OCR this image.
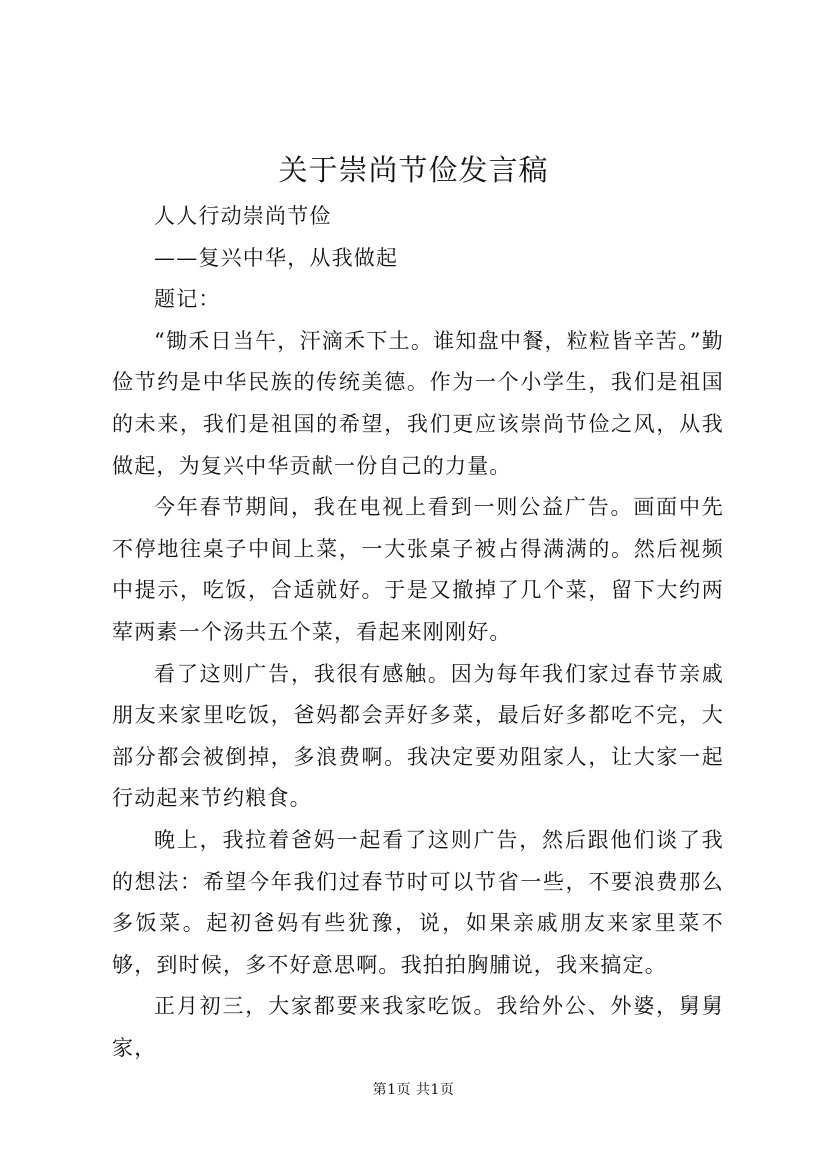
关于崇尚节俭发言稿

人人行动崇尚节俭

——复兴中华，从我做起

题记：

“锄禾日当午，汗滴禾下土。谁知盘中餐，粒粒皆辛苦。”勤俭节约是中华民族的传统美德。作为一个小学生，我们是祖国的未来，我们是祖国的希望，我们更应该崇尚节俭之风，从我做起，为复兴中华贡献一份自己的力量。

今年春节期间，我在电视上看到一则公益广告。画面中先不停地往桌子中间上菜，一大张桌子被占得满满的。然后视频中提示，吃饭，合适就好。于是又撤掉了几个菜，留下大约两荤两素一个汤共五个菜，看起来刚刚好。

看了这则广告，我很有感触。因为每年我们家过春节亲戚朋友来家里吃饭，爸妈都会弄好多菜，最后好多都吃不完，大部分都会被倒掉，多浪费啊。我决定要劝阻家人，让大家一起行动起来节约粮食。

晚上，我拉着爸妈一起看了这则广告，然后跟他们谈了我的想法：希望今年我们过春节时可以节省一些，不要浪费那么多饭菜。起初爸妈有些犹豫，说，如果亲戚朋友来家里菜不够，到时候，多不好意思啊。我拍拍胸脯说，我来搞定。

正月初三，大家都要来我家吃饭。我给外公、外婆，舅舅家，

第1页 共1页
